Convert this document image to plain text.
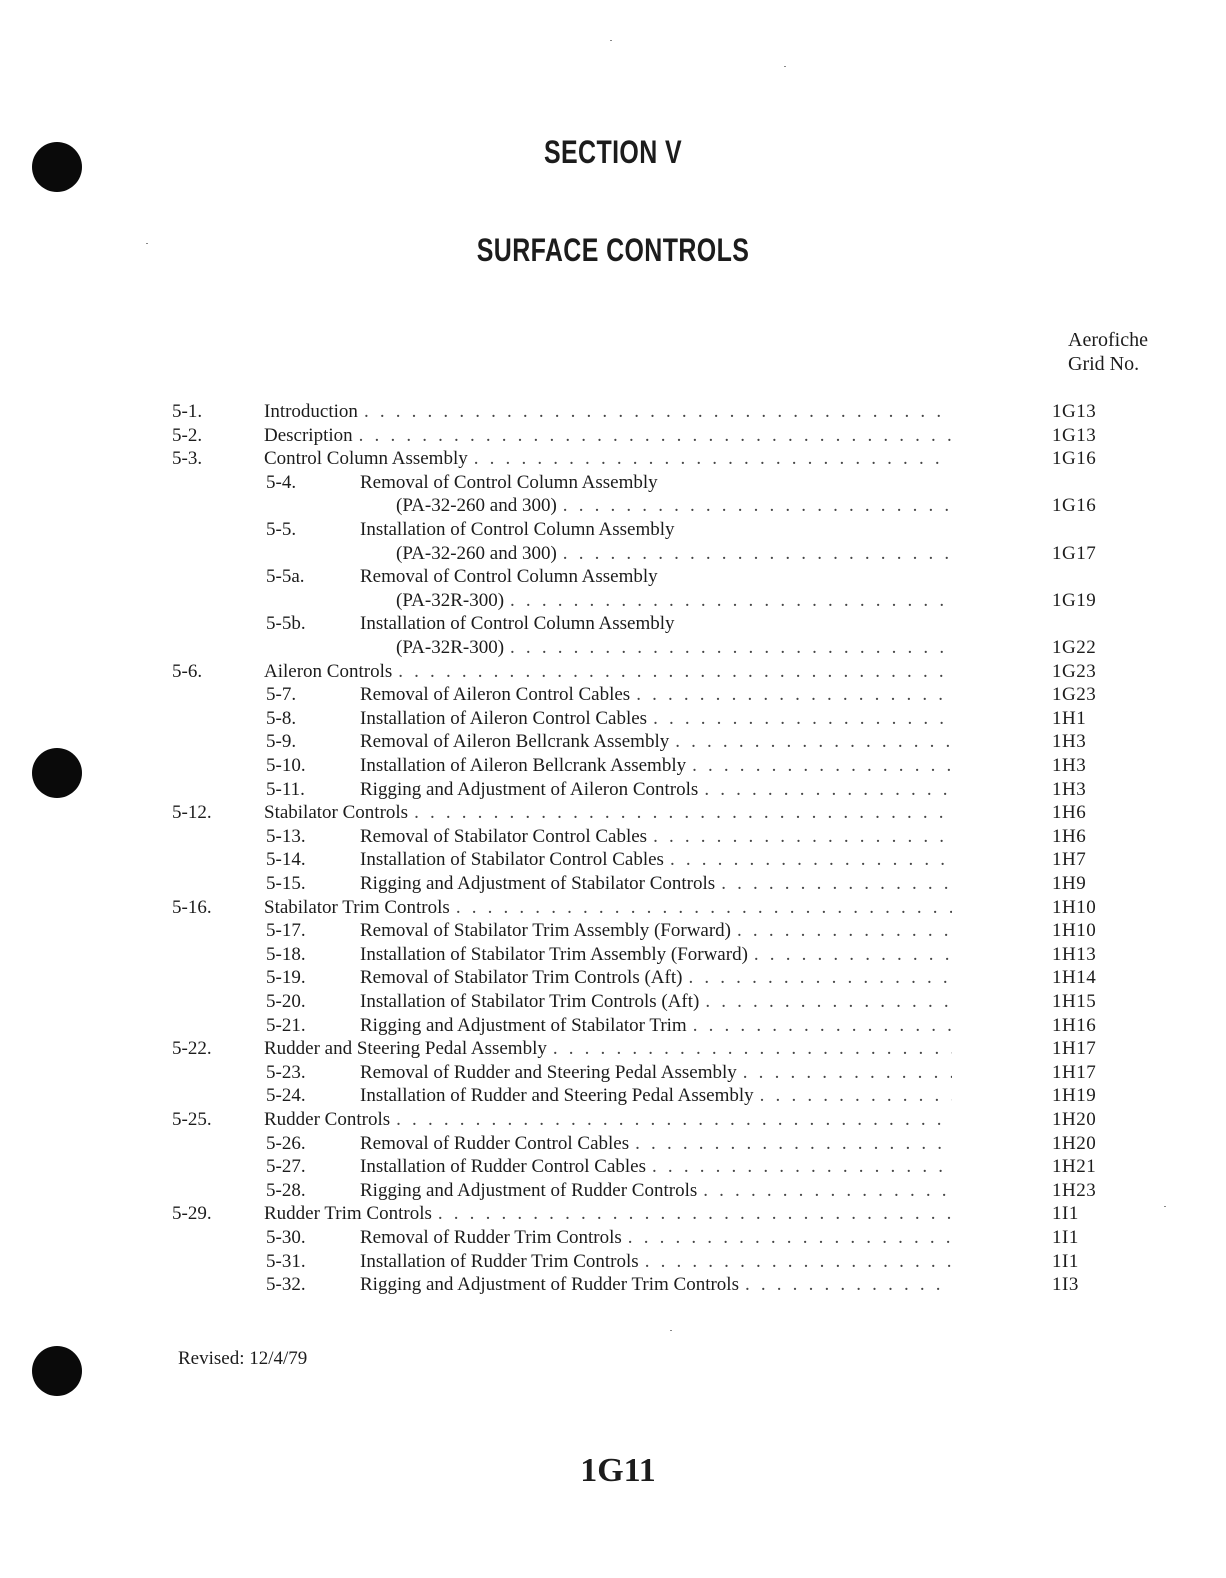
SECTION V
SURFACE CONTROLS
Aerofiche
Grid No.
5-1.	Introduction . . .	1G13
5-2.	Description . . .	1G13
5-3.	Control Column Assembly . . .	1G16
5-4.	Removal of Control Column Assembly
(PA-32-260 and 300) . . .	1G16
5-5.	Installation of Control Column Assembly
(PA-32-260 and 300) . . .	1G17
5-5a.	Removal of Control Column Assembly
(PA-32R-300) . . .	1G19
5-5b.	Installation of Control Column Assembly
(PA-32R-300) . . .	1G22
5-6.	Aileron Controls . . .	1G23
5-7.	Removal of Aileron Control Cables . . .	1G23
5-8.	Installation of Aileron Control Cables . . .	1H1
5-9.	Removal of Aileron Bellcrank Assembly . . .	1H3
5-10.	Installation of Aileron Bellcrank Assembly . . .	1H3
5-11.	Rigging and Adjustment of Aileron Controls . . .	1H3
5-12.	Stabilator Controls . . .	1H6
5-13.	Removal of Stabilator Control Cables . . .	1H6
5-14.	Installation of Stabilator Control Cables . . .	1H7
5-15.	Rigging and Adjustment of Stabilator Controls . . .	1H9
5-16.	Stabilator Trim Controls . . .	1H10
5-17.	Removal of Stabilator Trim Assembly (Forward) . . .	1H10
5-18.	Installation of Stabilator Trim Assembly (Forward) . . .	1H13
5-19.	Removal of Stabilator Trim Controls (Aft) . . .	1H14
5-20.	Installation of Stabilator Trim Controls (Aft) . . .	1H15
5-21.	Rigging and Adjustment of Stabilator Trim . . .	1H16
5-22.	Rudder and Steering Pedal Assembly . . .	1H17
5-23.	Removal of Rudder and Steering Pedal Assembly . . .	1H17
5-24.	Installation of Rudder and Steering Pedal Assembly . . .	1H19
5-25.	Rudder Controls . . .	1H20
5-26.	Removal of Rudder Control Cables . . .	1H20
5-27.	Installation of Rudder Control Cables . . .	1H21
5-28.	Rigging and Adjustment of Rudder Controls . . .	1H23
5-29.	Rudder Trim Controls . . .	1I1
5-30.	Removal of Rudder Trim Controls . . .	1I1
5-31.	Installation of Rudder Trim Controls . . .	1I1
5-32.	Rigging and Adjustment of Rudder Trim Controls . . .	1I3
Revised: 12/4/79
1G11
